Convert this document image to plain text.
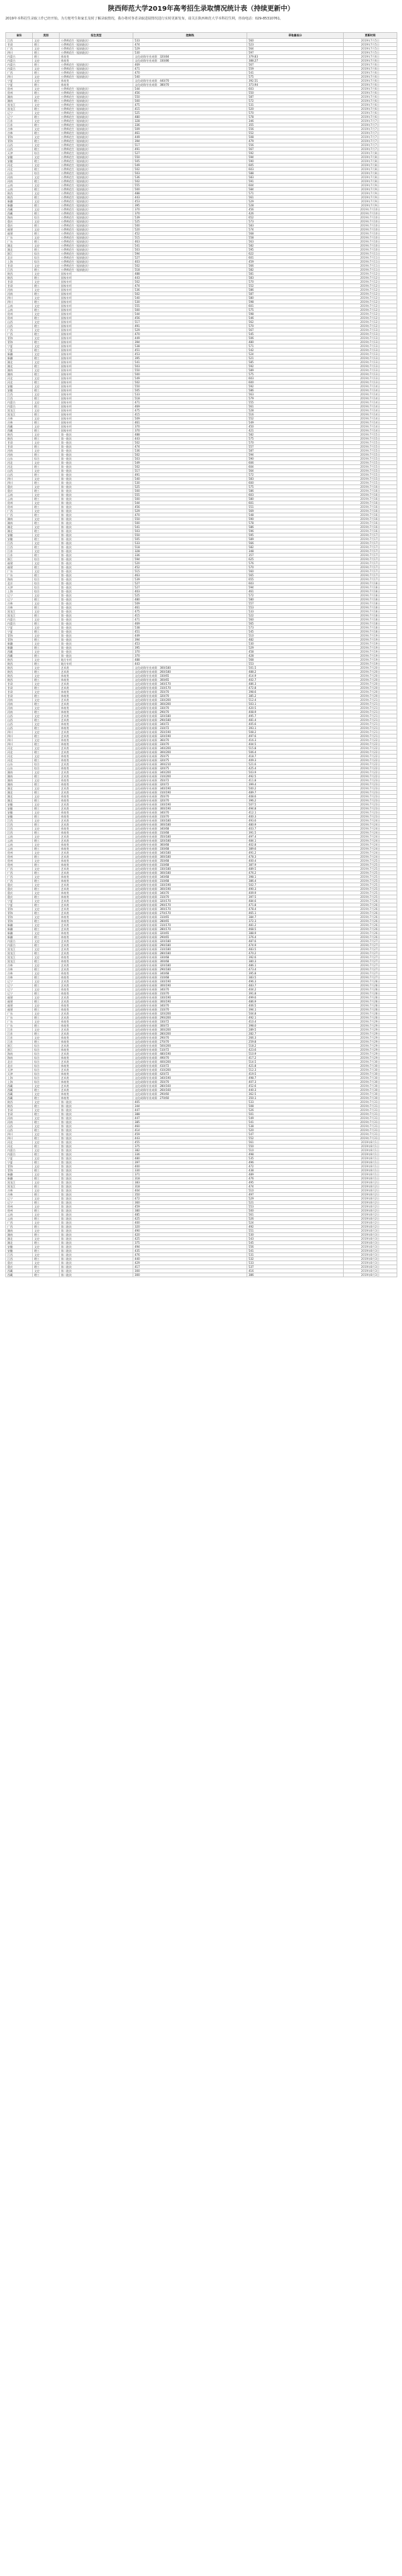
陕西师范大学2019年高考招生录取情况统计表（持续更新中）
2019年本科招生录取工作已经开始。为方便考生和家长及时了解录取情况，我办将对各省录取进展情况进行实时更新发布，请关注陕西师范大学本科招生网，咨询电话：029-85310761。
省份	类别	招生类型	控制线	录取最低分	更新时间
江西	文史	公费师范生（提前批次）	533	560	2019年7月5日
甘肃	理工	公费师范生（提前批次）	474	523	2019年7月5日
广西	文史	公费师范生（提前批次）	529	564	2019年7月5日
四川	理工	公费师范生（提前批次）	530	597	2019年7月5日
内蒙古	理工	体育类	文化成绩/专业成绩：320/84	379.83	2019年7月6日
内蒙古	文史	体育类	文化成绩/专业成绩：330/86	388.27	2019年7月6日
内蒙古	理工	公费师范生（提前批次）	469	567	2019年7月6日
内蒙古	文史	公费师范生（提前批次）	471	559	2019年7月6日
广西	理工	公费师范生（提前批次）	470	541	2019年7月6日
四川	文史	公费师范生（提前批次）	540	575	2019年7月6日
宁夏	文史	体育类	文化成绩/专业成绩：440/70	392.51	2019年7月6日
宁夏	理工	体育类	文化成绩/专业成绩：380/70	373.94	2019年7月6日
贵州	文史	公费师范生（提前批次）	544	603	2019年7月6日
贵州	理工	公费师范生（提前批次）	456	550	2019年7月6日
湖南	文史	公费师范生（提前批次）	550	587	2019年7月6日
湖南	理工	公费师范生（提前批次）	500	572	2019年7月6日
黑龙江	文史	公费师范生（提前批次）	475	531	2019年7月6日
黑龙江	理工	公费师范生（提前批次）	415	520	2019年7月6日
辽宁	文史	公费师范生（提前批次）	525	570	2019年7月6日
辽宁	理工	公费师范生（提前批次）	480	578	2019年7月6日
江苏	文史	公费师范生（提前批次）	328	346	2019年7月7日
江苏	理工	公费师范生（提前批次）	336	355	2019年7月7日
吉林	文史	公费师范生（提前批次）	509	556	2019年7月7日
吉林	理工	公费师范生（提前批次）	461	552	2019年7月7日
青海	文史	公费师范生（提前批次）	449	508	2019年7月7日
青海	理工	公费师范生（提前批次）	394	479	2019年7月7日
山西	文史	公费师范生（提前批次）	517	556	2019年7月7日
山西	理工	公费师范生（提前批次）	491	567	2019年7月7日
天津	综合	公费师范生（提前批次）	527	592	2019年7月8日
安徽	文史	公费师范生（提前批次）	550	594	2019年7月8日
安徽	理工	公费师范生（提前批次）	505	590	2019年7月8日
河北	文史	公费师范生（提前批次）	549	605	2019年7月8日
河北	理工	公费师范生（提前批次）	502	603	2019年7月8日
山东	综合	公费师范生（提前批次）	503	588	2019年7月8日
河南	文史	公费师范生（提前批次）	536	583	2019年7月8日
河南	理工	公费师范生（提前批次）	502	591	2019年7月8日
云南	文史	公费师范生（提前批次）	555	604	2019年7月9日
云南	理工	公费师范生（提前批次）	500	584	2019年7月9日
陕西	文史	公费师范生（提前批次）	488	571	2019年7月9日
陕西	理工	公费师范生（提前批次）	443	561	2019年7月9日
新疆	文史	公费师范生（提前批次）	453	529	2019年7月9日
新疆	理工	公费师范生（提前批次）	395	528	2019年7月9日
西藏	文史	公费师范生（提前批次）	370	456	2019年7月10日
西藏	理工	公费师范生（提前批次）	370	426	2019年7月10日
海南	综合	公费师范生（提前批次）	539	652	2019年7月10日
重庆	文史	公费师范生（提前批次）	525	573	2019年7月10日
重庆	理工	公费师范生（提前批次）	500	583	2019年7月10日
福建	文史	公费师范生（提前批次）	520	574	2019年7月10日
福建	理工	公费师范生（提前批次）	452	568	2019年7月10日
广东	文史	公费师范生（提前批次）	515	558	2019年7月10日
广东	理工	公费师范生（提前批次）	463	563	2019年7月10日
湖北	文史	公费师范生（提前批次）	541	582	2019年7月10日
湖北	理工	公费师范生（提前批次）	503	595	2019年7月10日
浙江	综合	公费师范生（提前批次）	594	622	2019年7月11日
北京	综合	公费师范生（提前批次）	527	601	2019年7月11日
上海	综合	公费师范生（提前批次）	403	459	2019年7月11日
甘肃	文史	公费师范生（提前批次）	502	566	2019年7月11日
江西	理工	公费师范生（提前批次）	518	582	2019年7月11日
陕西	文史	国家专项	488	581	2019年7月12日
陕西	理工	国家专项	443	583	2019年7月12日
甘肃	文史	国家专项	502	570	2019年7月12日
甘肃	理工	国家专项	474	552	2019年7月12日
河南	文史	国家专项	536	586	2019年7月12日
河南	理工	国家专项	502	587	2019年7月12日
四川	文史	国家专项	540	580	2019年7月12日
四川	理工	国家专项	530	598	2019年7月12日
云南	文史	国家专项	555	601	2019年7月12日
云南	理工	国家专项	500	575	2019年7月12日
贵州	文史	国家专项	544	598	2019年7月12日
贵州	理工	国家专项	456	546	2019年7月12日
山西	文史	国家专项	517	562	2019年7月12日
山西	理工	国家专项	491	570	2019年7月12日
广西	文史	国家专项	529	567	2019年7月13日
广西	理工	国家专项	470	545	2019年7月13日
青海	文史	国家专项	449	506	2019年7月13日
青海	理工	国家专项	394	480	2019年7月13日
宁夏	文史	国家专项	538	571	2019年7月13日
宁夏	理工	国家专项	451	542	2019年7月13日
新疆	文史	国家专项	453	524	2019年7月13日
新疆	理工	国家专项	395	521	2019年7月13日
湖北	文史	国家专项	541	585	2019年7月13日
湖北	理工	国家专项	503	592	2019年7月13日
湖南	文史	国家专项	550	589	2019年7月13日
湖南	理工	国家专项	500	575	2019年7月13日
河北	文史	国家专项	549	603	2019年7月13日
河北	理工	国家专项	502	600	2019年7月13日
安徽	文史	国家专项	550	592	2019年7月14日
安徽	理工	国家专项	505	586	2019年7月14日
江西	文史	国家专项	533	563	2019年7月14日
江西	理工	国家专项	518	579	2019年7月14日
内蒙古	文史	国家专项	471	555	2019年7月14日
内蒙古	理工	国家专项	469	561	2019年7月14日
黑龙江	文史	国家专项	475	528	2019年7月14日
黑龙江	理工	国家专项	415	516	2019年7月14日
吉林	文史	国家专项	509	552	2019年7月14日
吉林	理工	国家专项	461	549	2019年7月14日
西藏	文史	国家专项	370	450	2019年7月14日
西藏	理工	国家专项	370	421	2019年7月14日
陕西	文史	第一批次	488	582	2019年7月15日
陕西	理工	第一批次	443	575	2019年7月15日
甘肃	文史	第一批次	502	570	2019年7月15日
甘肃	理工	第一批次	474	557	2019年7月15日
河南	文史	第一批次	536	587	2019年7月15日
河南	理工	第一批次	502	594	2019年7月15日
山东	综合	第一批次	503	590	2019年7月15日
河北	文史	第一批次	549	606	2019年7月15日
河北	理工	第一批次	502	604	2019年7月15日
山西	文史	第一批次	517	564	2019年7月15日
山西	理工	第一批次	491	572	2019年7月15日
四川	文史	第一批次	540	583	2019年7月15日
四川	理工	第一批次	530	600	2019年7月15日
重庆	文史	第一批次	525	575	2019年7月16日
重庆	理工	第一批次	500	586	2019年7月16日
云南	文史	第一批次	555	603	2019年7月16日
云南	理工	第一批次	500	580	2019年7月16日
贵州	文史	第一批次	544	601	2019年7月16日
贵州	理工	第一批次	456	551	2019年7月16日
广西	文史	第一批次	529	569	2019年7月16日
广西	理工	第一批次	470	548	2019年7月16日
湖南	文史	第一批次	550	590	2019年7月16日
湖南	理工	第一批次	500	578	2019年7月16日
湖北	文史	第一批次	541	586	2019年7月16日
湖北	理工	第一批次	503	596	2019年7月16日
安徽	文史	第一批次	550	595	2019年7月17日
安徽	理工	第一批次	505	589	2019年7月17日
江西	文史	第一批次	533	566	2019年7月17日
江西	理工	第一批次	518	582	2019年7月17日
江苏	文史	第一批次	328	348	2019年7月17日
江苏	理工	第一批次	336	357	2019年7月17日
浙江	综合	第一批次	594	625	2019年7月17日
福建	文史	第一批次	520	576	2019年7月17日
福建	理工	第一批次	452	570	2019年7月17日
广东	文史	第一批次	515	560	2019年7月17日
广东	理工	第一批次	463	565	2019年7月17日
海南	综合	第一批次	539	655	2019年7月17日
北京	综合	第一批次	527	603	2019年7月18日
天津	综合	第一批次	527	594	2019年7月18日
上海	综合	第一批次	403	461	2019年7月18日
辽宁	文史	第一批次	525	572	2019年7月18日
辽宁	理工	第一批次	480	580	2019年7月18日
吉林	文史	第一批次	509	557	2019年7月18日
吉林	理工	第一批次	461	553	2019年7月18日
黑龙江	文史	第一批次	475	533	2019年7月18日
黑龙江	理工	第一批次	415	522	2019年7月18日
内蒙古	文史	第一批次	471	560	2019年7月18日
内蒙古	理工	第一批次	469	565	2019年7月18日
宁夏	文史	第一批次	538	573	2019年7月18日
宁夏	理工	第一批次	451	545	2019年7月18日
青海	文史	第一批次	449	510	2019年7月19日
青海	理工	第一批次	394	482	2019年7月19日
新疆	文史	第一批次	453	530	2019年7月19日
新疆	理工	第一批次	395	529	2019年7月19日
西藏	文史	第一批次	370	458	2019年7月19日
西藏	理工	第一批次	370	428	2019年7月19日
陕西	文史	地方专项	488	568	2019年7月19日
陕西	理工	地方专项	443	553	2019年7月19日
陕西	文史	艺术类	文化成绩/专业成绩：300/180	501.5	2019年7月20日
陕西	理工	艺术类	文化成绩/专业成绩：260/180	488.2	2019年7月20日
陕西	文史	体育类	文化成绩/专业成绩：330/65	414.9	2019年7月20日
陕西	理工	体育类	文化成绩/专业成绩：300/65	402.7	2019年7月20日
甘肃	文史	艺术类	文化成绩/专业成绩：340/170	486.3	2019年7月20日
甘肃	理工	艺术类	文化成绩/专业成绩：310/170	472.8	2019年7月20日
甘肃	文史	体育类	文化成绩/专业成绩：350/70	398.6	2019年7月20日
甘肃	理工	体育类	文化成绩/专业成绩：320/70	385.2	2019年7月20日
河南	文史	艺术类	文化成绩/专业成绩：330/200	512.4	2019年7月21日
河南	理工	艺术类	文化成绩/专业成绩：300/200	503.1	2019年7月21日
河南	文史	体育类	文化成绩/专业成绩：330/70	420.5	2019年7月21日
河南	理工	体育类	文化成绩/专业成绩：290/70	408.9	2019年7月21日
山西	文史	艺术类	文化成绩/专业成绩：320/180	495.7	2019年7月21日
山西	理工	艺术类	文化成绩/专业成绩：290/180	481.4	2019年7月21日
山西	文史	体育类	文化成绩/专业成绩：340/72	405.6	2019年7月21日
山西	理工	体育类	文化成绩/专业成绩：310/72	393.1	2019年7月21日
四川	文史	艺术类	文化成绩/专业成绩：350/190	508.2	2019年7月21日
四川	理工	艺术类	文化成绩/专业成绩：320/190	497.6	2019年7月21日
四川	文史	体育类	文化成绩/专业成绩：360/70	416.3	2019年7月22日
四川	理工	体育类	文化成绩/专业成绩：330/70	404.5	2019年7月22日
河北	文史	艺术类	文化成绩/专业成绩：340/200	515.8	2019年7月22日
河北	理工	艺术类	文化成绩/专业成绩：300/200	506.4	2019年7月22日
河北	文史	体育类	文化成绩/专业成绩：350/75	418.7	2019年7月22日
河北	理工	体育类	文化成绩/专业成绩：320/75	409.3	2019年7月22日
山东	综合	艺术类	文化成绩/专业成绩：300/210	521.6	2019年7月22日
山东	综合	体育类	文化成绩/专业成绩：320/75	425.4	2019年7月22日
湖南	文史	艺术类	文化成绩/专业成绩：340/200	503.9	2019年7月22日
湖南	理工	艺术类	文化成绩/专业成绩：310/200	492.5	2019年7月22日
湖南	文史	体育类	文化成绩/专业成绩：350/72	411.8	2019年7月23日
湖南	理工	体育类	文化成绩/专业成绩：320/72	399.4	2019年7月23日
湖北	文史	艺术类	文化成绩/专业成绩：340/190	500.2	2019年7月23日
湖北	理工	艺术类	文化成绩/专业成绩：310/190	489.7	2019年7月23日
湖北	文史	体育类	文化成绩/专业成绩：350/70	408.6	2019年7月23日
湖北	理工	体育类	文化成绩/专业成绩：320/70	396.2	2019年7月23日
安徽	文史	艺术类	文化成绩/专业成绩：330/190	507.5	2019年7月23日
安徽	理工	艺术类	文化成绩/专业成绩：300/190	494.8	2019年7月23日
安徽	文史	体育类	文化成绩/专业成绩：340/70	412.1	2019年7月23日
安徽	理工	体育类	文化成绩/专业成绩：310/70	400.3	2019年7月23日
江西	文史	艺术类	文化成绩/专业成绩：330/180	493.6	2019年7月24日
江西	理工	艺术类	文化成绩/专业成绩：300/180	480.9	2019年7月24日
江西	文史	体育类	文化成绩/专业成绩：340/68	403.7	2019年7月24日
江西	理工	体育类	文化成绩/专业成绩：310/68	391.5	2019年7月24日
云南	文史	艺术类	文化成绩/专业成绩：350/180	497.4	2019年7月24日
云南	理工	艺术类	文化成绩/专业成绩：320/180	484.1	2019年7月24日
云南	文史	体育类	文化成绩/专业成绩：360/68	402.8	2019年7月24日
云南	理工	体育类	文化成绩/专业成绩：330/68	389.6	2019年7月24日
贵州	文史	艺术类	文化成绩/专业成绩：340/180	491.2	2019年7月24日
贵州	理工	艺术类	文化成绩/专业成绩：300/180	478.3	2019年7月24日
贵州	文史	体育类	文化成绩/专业成绩：350/68	400.4	2019年7月25日
贵州	理工	体育类	文化成绩/专业成绩：310/68	387.9	2019年7月25日
广西	文史	艺术类	文化成绩/专业成绩：330/180	489.5	2019年7月25日
广西	理工	艺术类	文化成绩/专业成绩：300/180	476.2	2019年7月25日
广西	文史	体育类	文化成绩/专业成绩：340/68	398.1	2019年7月25日
广西	理工	体育类	文化成绩/专业成绩：310/68	386.4	2019年7月25日
重庆	文史	艺术类	文化成绩/专业成绩：330/190	502.7	2019年7月25日
重庆	理工	艺术类	文化成绩/专业成绩：300/190	490.3	2019年7月25日
重庆	文史	体育类	文化成绩/专业成绩：340/70	409.9	2019年7月25日
重庆	理工	体育类	文化成绩/专业成绩：310/70	397.5	2019年7月25日
宁夏	文史	艺术类	文化成绩/专业成绩：320/170	484.6	2019年7月26日
宁夏	理工	艺术类	文化成绩/专业成绩：290/170	471.8	2019年7月26日
青海	文史	艺术类	文化成绩/专业成绩：300/170	478.4	2019年7月26日
青海	理工	艺术类	文化成绩/专业成绩：270/170	465.1	2019年7月26日
青海	文史	体育类	文化成绩/专业成绩：310/65	384.7	2019年7月26日
青海	理工	体育类	文化成绩/专业成绩：280/65	372.3	2019年7月26日
新疆	文史	艺术类	文化成绩/专业成绩：310/170	481.2	2019年7月26日
新疆	理工	艺术类	文化成绩/专业成绩：280/170	468.5	2019年7月26日
新疆	文史	体育类	文化成绩/专业成绩：320/65	388.9	2019年7月26日
新疆	理工	体育类	文化成绩/专业成绩：290/65	376.4	2019年7月26日
内蒙古	文史	艺术类	文化成绩/专业成绩：320/180	487.6	2019年7月27日
内蒙古	理工	艺术类	文化成绩/专业成绩：290/180	474.9	2019年7月27日
黑龙江	文史	艺术类	文化成绩/专业成绩：310/180	483.5	2019年7月27日
黑龙江	理工	艺术类	文化成绩/专业成绩：280/180	470.2	2019年7月27日
黑龙江	文史	体育类	文化成绩/专业成绩：330/68	392.6	2019年7月27日
黑龙江	理工	体育类	文化成绩/专业成绩：300/68	380.3	2019年7月27日
吉林	文史	艺术类	文化成绩/专业成绩：320/180	486.1	2019年7月27日
吉林	理工	艺术类	文化成绩/专业成绩：290/180	473.4	2019年7月27日
吉林	文史	体育类	文化成绩/专业成绩：340/68	395.8	2019年7月27日
吉林	理工	体育类	文化成绩/专业成绩：310/68	383.5	2019年7月27日
辽宁	文史	艺术类	文化成绩/专业成绩：330/190	496.3	2019年7月28日
辽宁	理工	艺术类	文化成绩/专业成绩：300/190	483.7	2019年7月28日
辽宁	文史	体育类	文化成绩/专业成绩：340/70	404.2	2019年7月28日
辽宁	理工	体育类	文化成绩/专业成绩：310/70	391.8	2019年7月28日
福建	文史	艺术类	文化成绩/专业成绩：330/190	499.6	2019年7月28日
福建	理工	艺术类	文化成绩/专业成绩：300/190	486.9	2019年7月28日
福建	文史	体育类	文化成绩/专业成绩：340/70	406.5	2019年7月28日
福建	理工	体育类	文化成绩/专业成绩：310/70	394.1	2019年7月28日
广东	文史	艺术类	文化成绩/专业成绩：320/200	504.8	2019年7月28日
广东	理工	艺术类	文化成绩/专业成绩：290/200	492.1	2019年7月28日
广东	文史	体育类	文化成绩/专业成绩：330/72	410.4	2019年7月29日
广东	理工	体育类	文化成绩/专业成绩：300/72	398.0	2019年7月29日
江苏	文史	艺术类	文化成绩/专业成绩：300/200	289.5	2019年7月29日
江苏	理工	艺术类	文化成绩/专业成绩：280/200	282.7	2019年7月29日
江苏	文史	体育类	文化成绩/专业成绩：290/70	266.3	2019年7月29日
江苏	理工	体育类	文化成绩/专业成绩：270/70	259.8	2019年7月29日
浙江	综合	艺术类	文化成绩/专业成绩：500/200	518.2	2019年7月29日
浙江	综合	体育类	文化成绩/专业成绩：510/72	423.6	2019年7月29日
海南	综合	艺术类	文化成绩/专业成绩：480/190	510.9	2019年7月29日
海南	综合	体育类	文化成绩/专业成绩：490/70	417.2	2019年7月29日
北京	综合	艺术类	文化成绩/专业成绩：400/200	514.5	2019年7月30日
北京	综合	体育类	文化成绩/专业成绩：410/72	421.8	2019年7月30日
天津	综合	艺术类	文化成绩/专业成绩：410/200	512.3	2019年7月30日
天津	综合	体育类	文化成绩/专业成绩：420/72	419.5	2019年7月30日
上海	综合	艺术类	文化成绩/专业成绩：340/190	498.7	2019年7月30日
上海	综合	体育类	文化成绩/专业成绩：350/70	407.3	2019年7月30日
西藏	文史	艺术类	文化成绩/专业成绩：280/160	452.6	2019年7月30日
西藏	理工	艺术类	文化成绩/专业成绩：260/160	440.3	2019年7月30日
西藏	文史	体育类	文化成绩/专业成绩：290/60	362.5	2019年7月30日
西藏	理工	体育类	文化成绩/专业成绩：270/60	350.1	2019年7月30日
陕西	文史	第二批次	405	533	2019年7月31日
陕西	理工	第二批次	344	508	2019年7月31日
甘肃	文史	第二批次	447	526	2019年7月31日
甘肃	理工	第二批次	388	501	2019年7月31日
河南	文史	第二批次	447	549	2019年7月31日
河南	理工	第二批次	385	541	2019年7月31日
山西	文史	第二批次	460	538	2019年7月31日
山西	理工	第二批次	414	520	2019年7月31日
四川	文史	第二批次	459	547	2019年7月31日
四川	理工	第二批次	443	552	2019年7月31日
河北	文史	第二批次	455	561	2019年8月1日
河北	理工	第二批次	375	550	2019年8月1日
内蒙古	文史	第二批次	382	510	2019年8月1日
内蒙古	理工	第二批次	336	498	2019年8月1日
宁夏	文史	第二批次	480	535	2019年8月1日
宁夏	理工	第二批次	397	496	2019年8月1日
青海	文史	第二批次	400	472	2019年8月1日
青海	理工	第二批次	330	438	2019年8月1日
新疆	文史	第二批次	371	489	2019年8月1日
新疆	理工	第二批次	318	476	2019年8月1日
黑龙江	文史	第二批次	383	495	2019年8月2日
黑龙江	理工	第二批次	318	474	2019年8月2日
吉林	文史	第二批次	404	510	2019年8月2日
吉林	理工	第二批次	350	497	2019年8月2日
辽宁	文史	第二批次	472	529	2019年8月2日
辽宁	理工	第二批次	360	521	2019年8月2日
贵州	文史	第二批次	459	553	2019年8月2日
贵州	理工	第二批次	380	500	2019年8月2日
云南	文史	第二批次	485	561	2019年8月2日
云南	理工	第二批次	425	526	2019年8月2日
广西	文史	第二批次	400	524	2019年8月2日
广西	理工	第二批次	320	492	2019年8月2日
湖南	文史	第二批次	490	551	2019年8月3日
湖南	理工	第二批次	420	530	2019年8月3日
湖北	文史	第二批次	425	543	2019年8月3日
湖北	理工	第二批次	375	545	2019年8月3日
安徽	文史	第二批次	494	556	2019年8月3日
安徽	理工	第二批次	435	541	2019年8月3日
江西	文史	第二批次	476	531	2019年8月3日
江西	理工	第二批次	440	532	2019年8月3日
重庆	文史	第二批次	429	533	2019年8月3日
重庆	理工	第二批次	417	537	2019年8月3日
西藏	文史	第二批次	300	416	2019年8月3日
西藏	理工	第二批次	300	386	2019年8月3日
